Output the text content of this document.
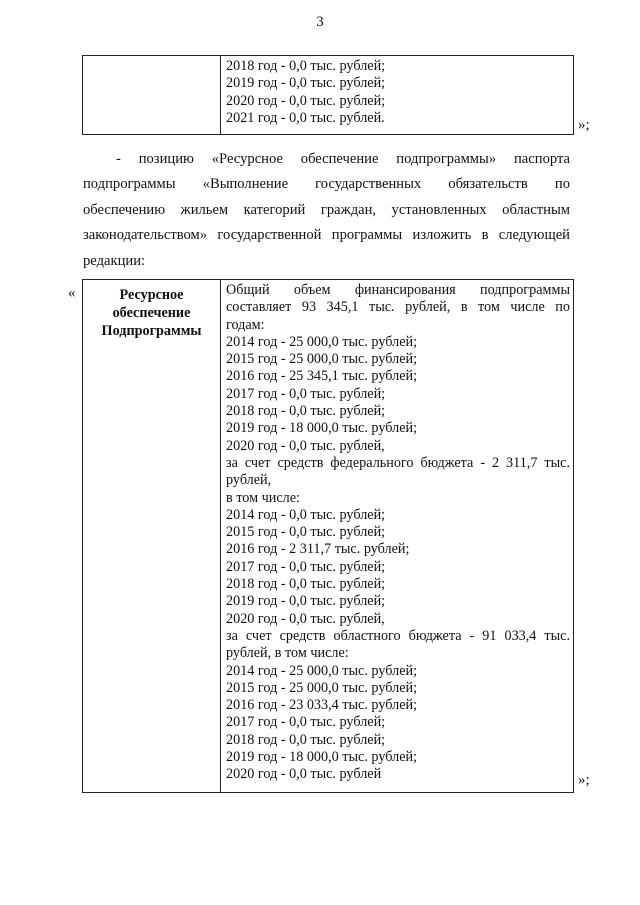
3

2018 год - 0,0 тыс. рублей;
2019 год - 0,0 тыс. рублей;
2020 год - 0,0 тыс. рублей;
2021 год - 0,0 тыс. рублей.	»;
- позицию «Ресурсное обеспечение подпрограммы» паспорта
подпрограммы «Выполнение государственных обязательств по
обеспечению жильем категорий граждан, установленных областным
законодательством» государственной программы изложить в следующей
редакции:
«	Ресурсное
обеспечение
Подпрограммы

Общий объем финансирования подпрограммы
составляет 93 345,1 тыс. рублей, в том числе по
годам:
2014 год - 25 000,0 тыс. рублей;
2015 год - 25 000,0 тыс. рублей;
2016 год - 25 345,1 тыс. рублей;
2017 год - 0,0 тыс. рублей;
2018 год - 0,0 тыс. рублей;
2019 год - 18 000,0 тыс. рублей;
2020 год - 0,0 тыс. рублей,
за счет средств федерального бюджета - 2 311,7 тыс.
рублей,
в том числе:
2014 год - 0,0 тыс. рублей;
2015 год - 0,0 тыс. рублей;
2016 год - 2 311,7 тыс. рублей;
2017 год - 0,0 тыс. рублей;
2018 год - 0,0 тыс. рублей;
2019 год - 0,0 тыс. рублей;
2020 год - 0,0 тыс. рублей,
за счет средств областного бюджета - 91 033,4 тыс.
рублей, в том числе:
2014 год - 25 000,0 тыс. рублей;
2015 год - 25 000,0 тыс. рублей;
2016 год - 23 033,4 тыс. рублей;
2017 год - 0,0 тыс. рублей;
2018 год - 0,0 тыс. рублей;
2019 год - 18 000,0 тыс. рублей;
2020 год - 0,0 тыс. рублей	»;
